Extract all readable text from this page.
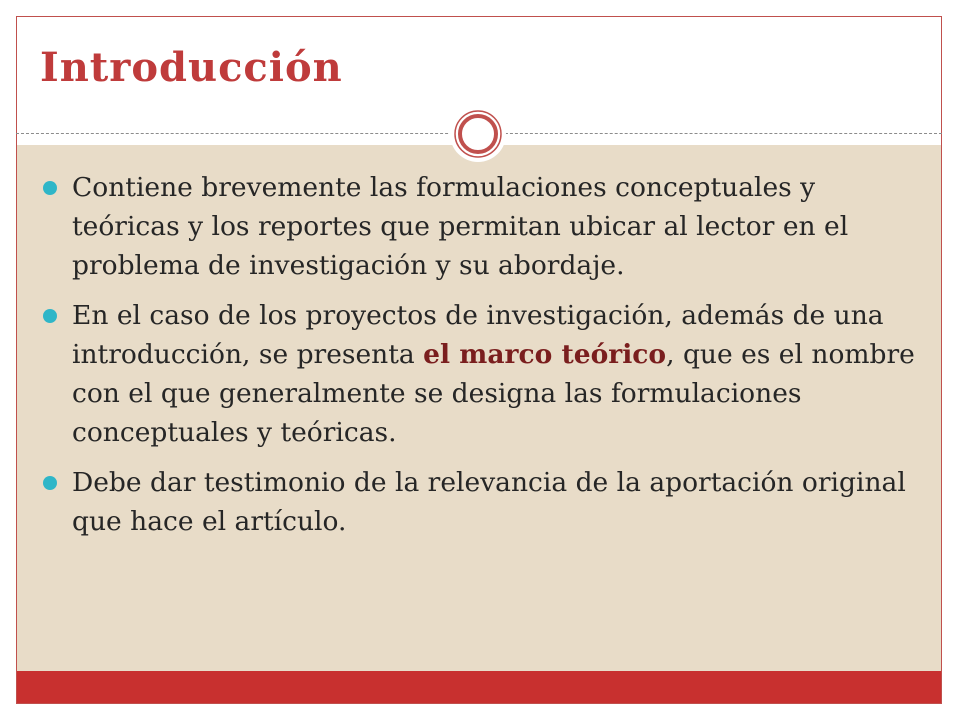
Introducción
Contiene brevemente las formulaciones conceptuales y teóricas y los reportes que permitan ubicar al lector en el problema de investigación y su abordaje.
En el caso de los proyectos de investigación, además de una introducción, se presenta el marco teórico, que es el nombre con el que generalmente se designa las formulaciones conceptuales y teóricas.
Debe dar testimonio de la relevancia de la aportación original que hace el artículo.
